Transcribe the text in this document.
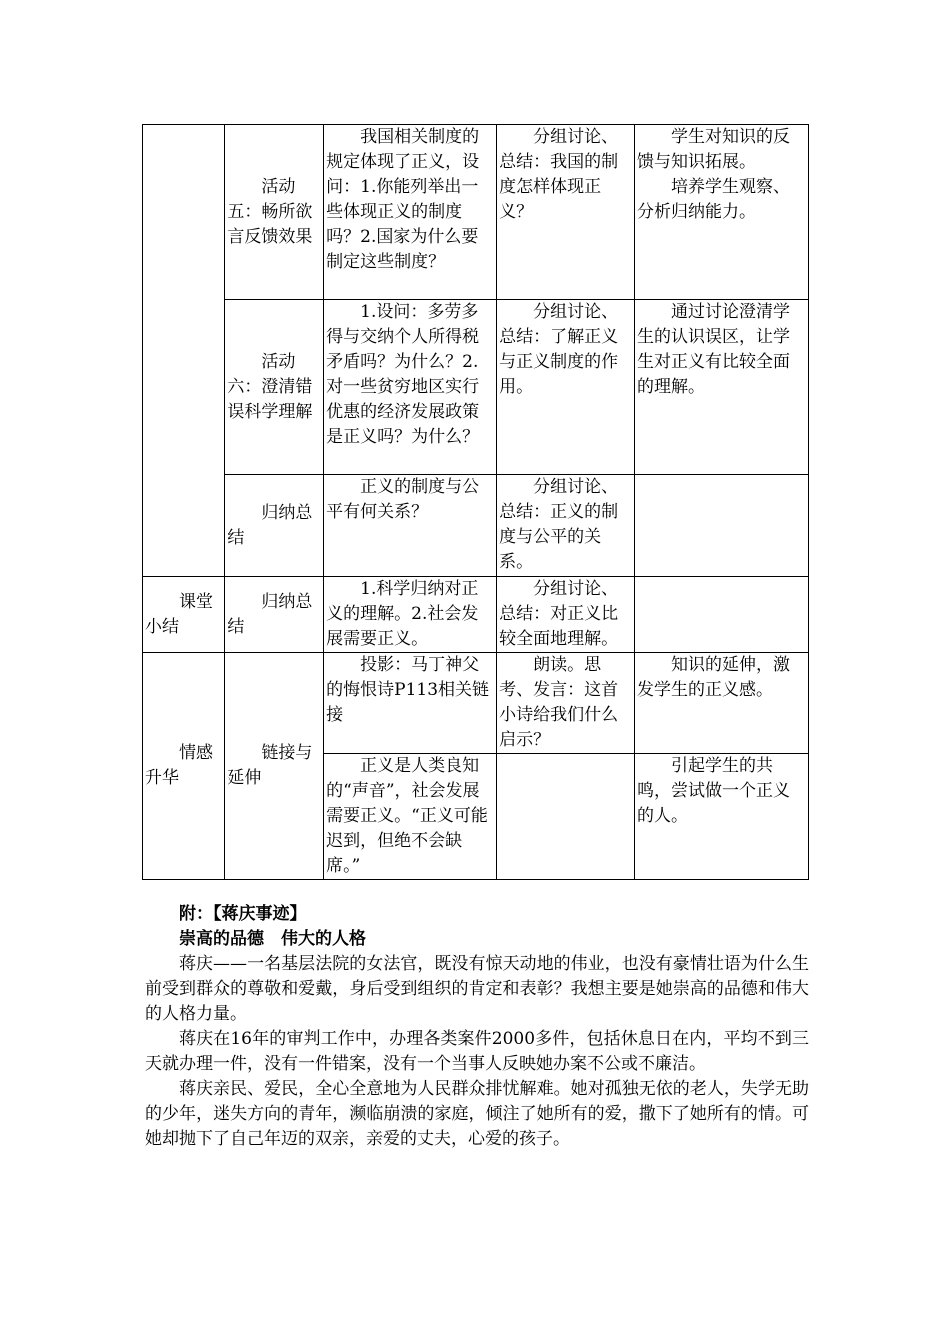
	活动五：畅所欲言反馈效果	我国相关制度的规定体现了正义，设问：1.你能列举出一些体现正义的制度吗？2.国家为什么要制定这些制度？	分组讨论、总结：我国的制度怎样体现正义？	学生对知识的反馈与知识拓展。
培养学生观察、分析归纳能力。

	活动六：澄清错误科学理解	1.设问：多劳多得与交纳个人所得税矛盾吗？为什么？2.对一些贫穷地区实行优惠的经济发展政策是正义吗？为什么？	分组讨论、总结：了解正义与正义制度的作用。	通过讨论澄清学生的认识误区，让学生对正义有比较全面的理解。
	归纳总结	正义的制度与公平有何关系？	分组讨论、总结：正义的制度与公平的关系。	
课堂小结	归纳总结	1.科学归纳对正义的理解。2.社会发展需要正义。	分组讨论、总结：对正义比较全面地理解。	
情感升华	链接与延伸	投影：马丁神父的悔恨诗P113相关链接	朗读。思考、发言：这首小诗给我们什么启示？	知识的延伸，激发学生的正义感。
		正义是人类良知的“声音”，社会发展需要正义。“正义可能迟到，但绝不会缺席。”		引起学生的共鸣，尝试做一个正义的人。

附：【蒋庆事迹】

崇高的品德　伟大的人格

蒋庆——一名基层法院的女法官，既没有惊天动地的伟业，也没有豪情壮语为什么生前受到群众的尊敬和爱戴，身后受到组织的肯定和表彰？我想主要是她崇高的品德和伟大的人格力量。

蒋庆在16年的审判工作中，办理各类案件2000多件，包括休息日在内，平均不到三天就办理一件，没有一件错案，没有一个当事人反映她办案不公或不廉洁。

蒋庆亲民、爱民，全心全意地为人民群众排忧解难。她对孤独无依的老人，失学无助的少年，迷失方向的青年，濒临崩溃的家庭，倾注了她所有的爱，撒下了她所有的情。可她却抛下了自己年迈的双亲，亲爱的丈夫，心爱的孩子。
